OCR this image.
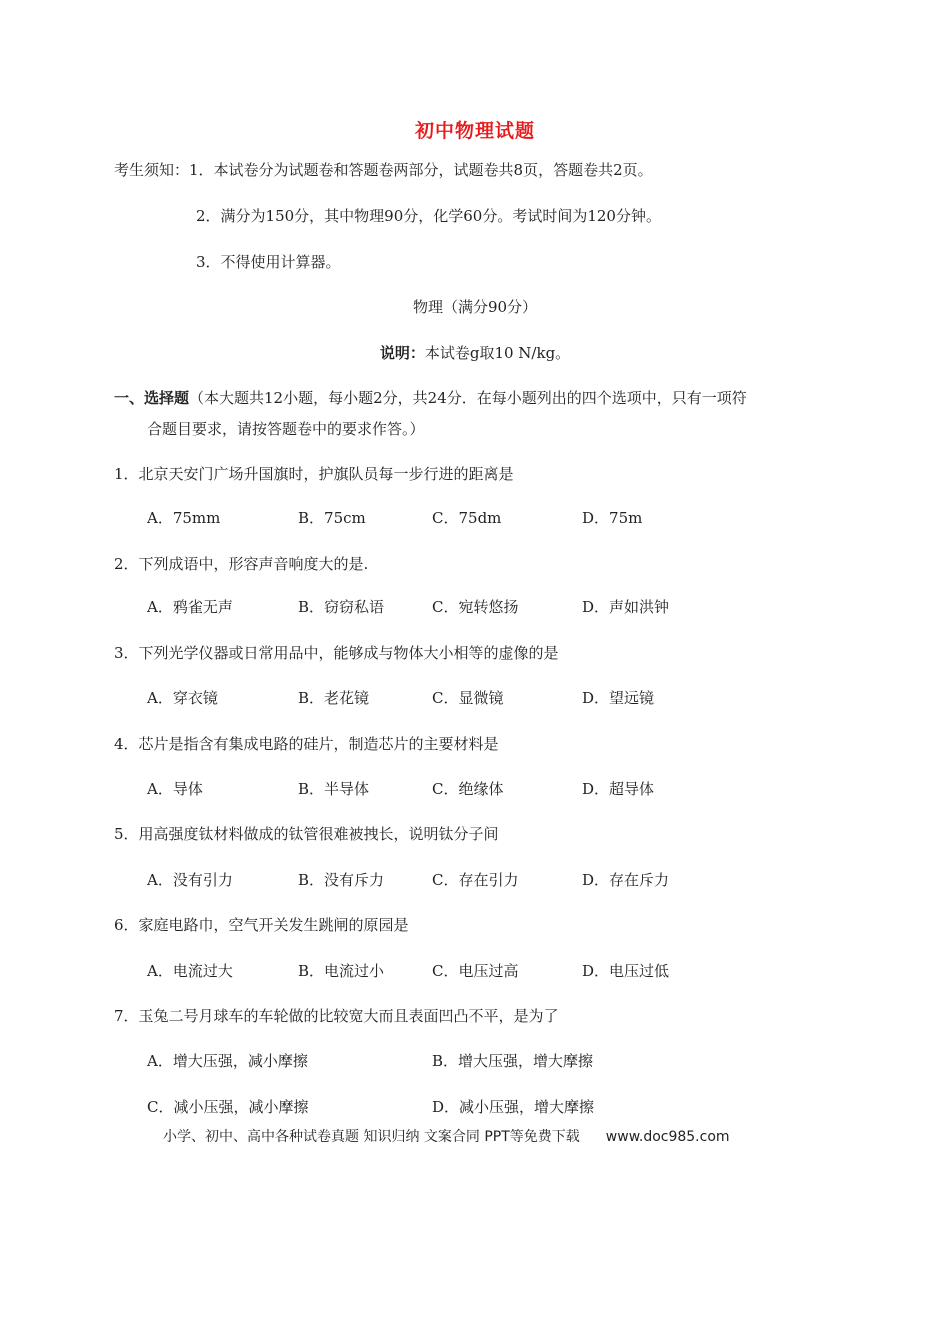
初中物理试题
考生须知：1．本试卷分为试题卷和答题卷两部分，试题卷共8页，答题卷共2页。
2．满分为150分，其中物理90分，化学60分。考试时间为120分钟。
3．不得使用计算器。
物理（满分90分）
说明：本试卷g取10 N/kg。
一、选择题（本大题共12小题，每小题2分，共24分．在每小题列出的四个选项中，只有一项符
合题目要求，请按答题卷中的要求作答。）
1．北京天安门广场升国旗时，护旗队员每一步行进的距离是
A．75mm	B．75cm	C．75dm	D．75m
2．下列成语中，形容声音响度大的是.
A．鸦雀无声	B．窃窃私语	C．宛转悠扬	D．声如洪钟
3．下列光学仪器或日常用品中，能够成与物体大小相等的虚像的是
A．穿衣镜	B．老花镜	C．显微镜	D．望远镜
4．芯片是指含有集成电路的硅片，制造芯片的主要材料是
A．导体	B．半导体	C．绝缘体	D．超导体
5．用高强度钛材料做成的钛管很难被拽长，说明钛分子间
A．没有引力	B．没有斥力	C．存在引力	D．存在斥力
6．家庭电路巾，空气开关发生跳闸的原园是
A．电流过大	B．电流过小	C．电压过高	D．电压过低
7．玉兔二号月球车的车轮做的比较宽大而且表面凹凸不平，是为了
A．增大压强，减小摩擦	B．增大压强，增大摩擦
C．减小压强，减小摩擦	D．减小压强，增大摩擦
小学、初中、高中各种试卷真题 知识归纳 文案合同 PPT等免费下载 www.doc985.com
